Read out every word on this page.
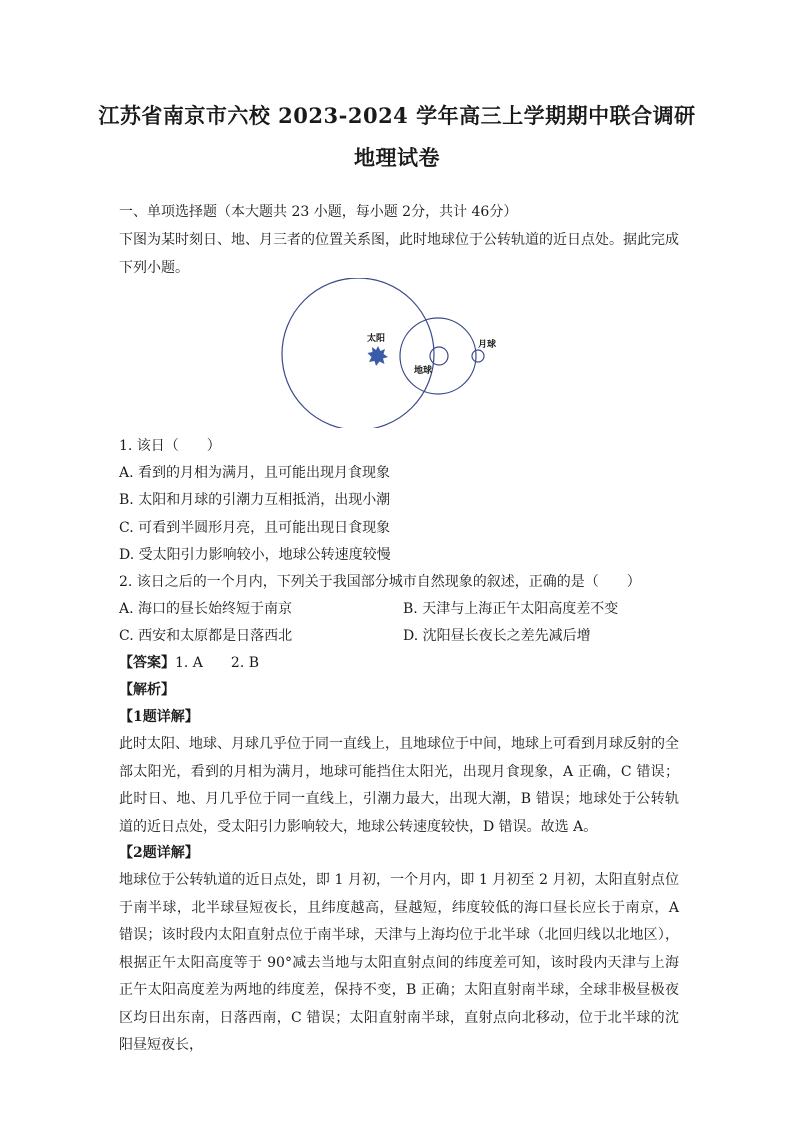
江苏省南京市六校 2023-2024 学年高三上学期期中联合调研
地理试卷
一、单项选择题（本大题共 23 小题，每小题 2分，共计 46分）
下图为某时刻日、地、月三者的位置关系图，此时地球位于公转轨道的近日点处。据此完成
下列小题。
太阳
地球
月球
1. 该日（　　）
A. 看到的月相为满月，且可能出现月食现象
B. 太阳和月球的引潮力互相抵消，出现小潮
C. 可看到半圆形月亮，且可能出现日食现象
D. 受太阳引力影响较小，地球公转速度较慢
2. 该日之后的一个月内，下列关于我国部分城市自然现象的叙述，正确的是（　　）
A. 海口的昼长始终短于南京	B. 天津与上海正午太阳高度差不变
C. 西安和太原都是日落西北	D. 沈阳昼长夜长之差先减后增
【答案】1. A　　2. B
【解析】
【1题详解】
此时太阳、地球、月球几乎位于同一直线上，且地球位于中间，地球上可看到月球反射的全部太阳光，看到的月相为满月，地球可能挡住太阳光，出现月食现象，A 正确，C 错误；此时日、地、月几乎位于同一直线上，引潮力最大，出现大潮，B 错误；地球处于公转轨道的近日点处，受太阳引力影响较大，地球公转速度较快，D 错误。故选 A。
【2题详解】
地球位于公转轨道的近日点处，即 1 月初，一个月内，即 1 月初至 2 月初，太阳直射点位于南半球，北半球昼短夜长，且纬度越高，昼越短，纬度较低的海口昼长应长于南京，A 错误；该时段内太阳直射点位于南半球，天津与上海均位于北半球（北回归线以北地区），根据正午太阳高度等于 90°减去当地与太阳直射点间的纬度差可知，该时段内天津与上海正午太阳高度差为两地的纬度差，保持不变，B 正确；太阳直射南半球，全球非极昼极夜区均日出东南，日落西南，C 错误；太阳直射南半球，直射点向北移动，位于北半球的沈阳昼短夜长，
